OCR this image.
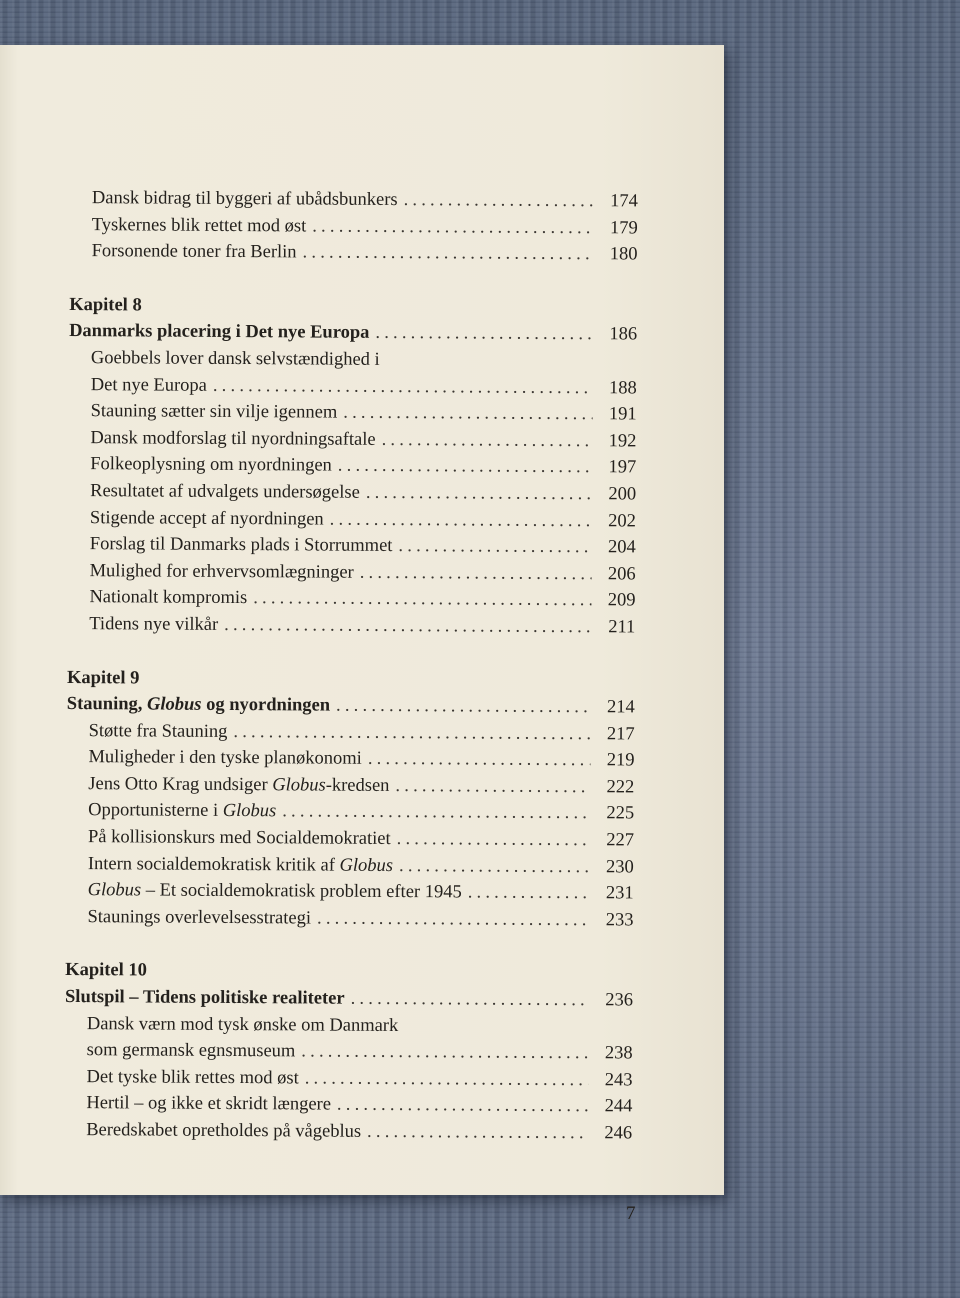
Dansk bidrag til byggeri af ubådsbunkers .....	174
Tyskernes blik rettet mod øst .....	179
Forsonende toner fra Berlin .....	180
Kapitel 8
Danmarks placering i Det nye Europa .....	186
Goebbels lover dansk selvstændighed i
Det nye Europa .....	188
Stauning sætter sin vilje igennem .....	191
Dansk modforslag til nyordningsaftale .....	192
Folkeoplysning om nyordningen .....	197
Resultatet af udvalgets undersøgelse .....	200
Stigende accept af nyordningen .....	202
Forslag til Danmarks plads i Storrummet .....	204
Mulighed for erhvervsomlægninger .....	206
Nationalt kompromis .....	209
Tidens nye vilkår .....	211
Kapitel 9
Stauning, Globus og nyordningen .....	214
Støtte fra Stauning .....	217
Muligheder i den tyske planøkonomi .....	219
Jens Otto Krag undsiger Globus-kredsen .....	222
Opportunisterne i Globus .....	225
På kollisionskurs med Socialdemokratiet .....	227
Intern socialdemokratisk kritik af Globus .....	230
Globus – Et socialdemokratisk problem efter 1945 .....	231
Staunings overlevelsesstrategi .....	233
Kapitel 10
Slutspil – Tidens politiske realiteter .....	236
Dansk værn mod tysk ønske om Danmark
som germansk egnsmuseum .....	238
Det tyske blik rettes mod øst .....	243
Hertil – og ikke et skridt længere .....	244
Beredskabet opretholdes på vågeblus .....	246
7
